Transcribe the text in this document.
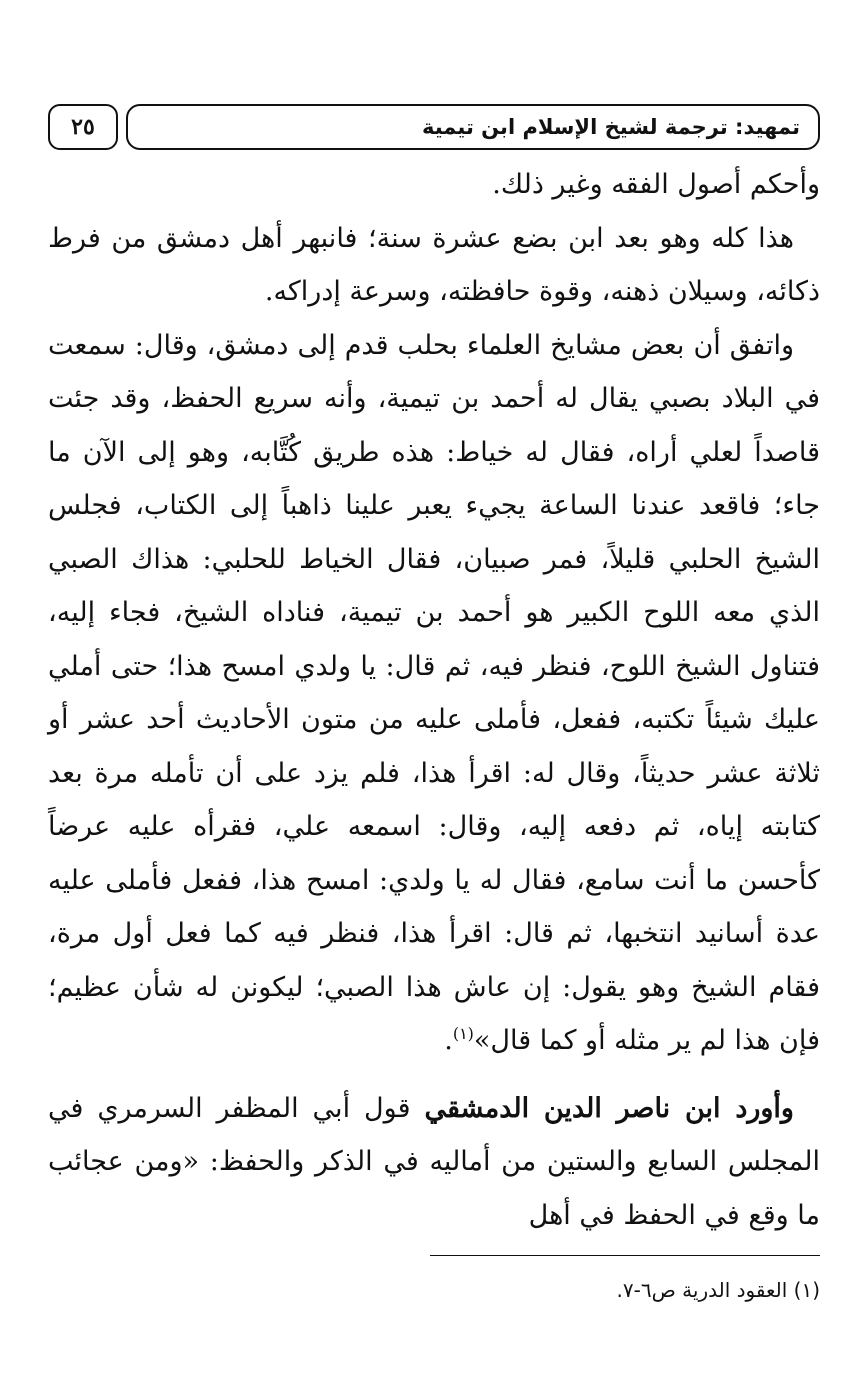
٢٥	تمهيد: ترجمة لشيخ الإسلام ابن تيمية

وأحكم أصول الفقه وغير ذلك.

هذا كله وهو بعد ابن بضع عشرة سنة؛ فانبهر أهل دمشق من فرط ذكائه، وسيلان ذهنه، وقوة حافظته، وسرعة إدراكه.

واتفق أن بعض مشايخ العلماء بحلب قدم إلى دمشق، وقال: سمعت في البلاد بصبي يقال له أحمد بن تيمية، وأنه سريع الحفظ، وقد جئت قاصداً لعلي أراه، فقال له خياط: هذه طريق كُتَّابه، وهو إلى الآن ما جاء؛ فاقعد عندنا الساعة يجيء يعبر علينا ذاهباً إلى الكتاب، فجلس الشيخ الحلبي قليلاً، فمر صبيان، فقال الخياط للحلبي: هذاك الصبي الذي معه اللوح الكبير هو أحمد بن تيمية، فناداه الشيخ، فجاء إليه، فتناول الشيخ اللوح، فنظر فيه، ثم قال: يا ولدي امسح هذا؛ حتى أملي عليك شيئاً تكتبه، ففعل، فأملى عليه من متون الأحاديث أحد عشر أو ثلاثة عشر حديثاً، وقال له: اقرأ هذا، فلم يزد على أن تأمله مرة بعد كتابته إياه، ثم دفعه إليه، وقال: اسمعه علي، فقرأه عليه عرضاً كأحسن ما أنت سامع، فقال له يا ولدي: امسح هذا، ففعل فأملى عليه عدة أسانيد انتخبها، ثم قال: اقرأ هذا، فنظر فيه كما فعل أول مرة، فقام الشيخ وهو يقول: إن عاش هذا الصبي؛ ليكونن له شأن عظيم؛ فإن هذا لم ير مثله أو كما قال»$^{(١)}$.

وأورد ابن ناصر الدين الدمشقي قول أبي المظفر السرمري في المجلس السابع والستين من أماليه في الذكر والحفظ: «ومن عجائب ما وقع في الحفظ في أهل

(١) العقود الدرية ص٦-٧.
